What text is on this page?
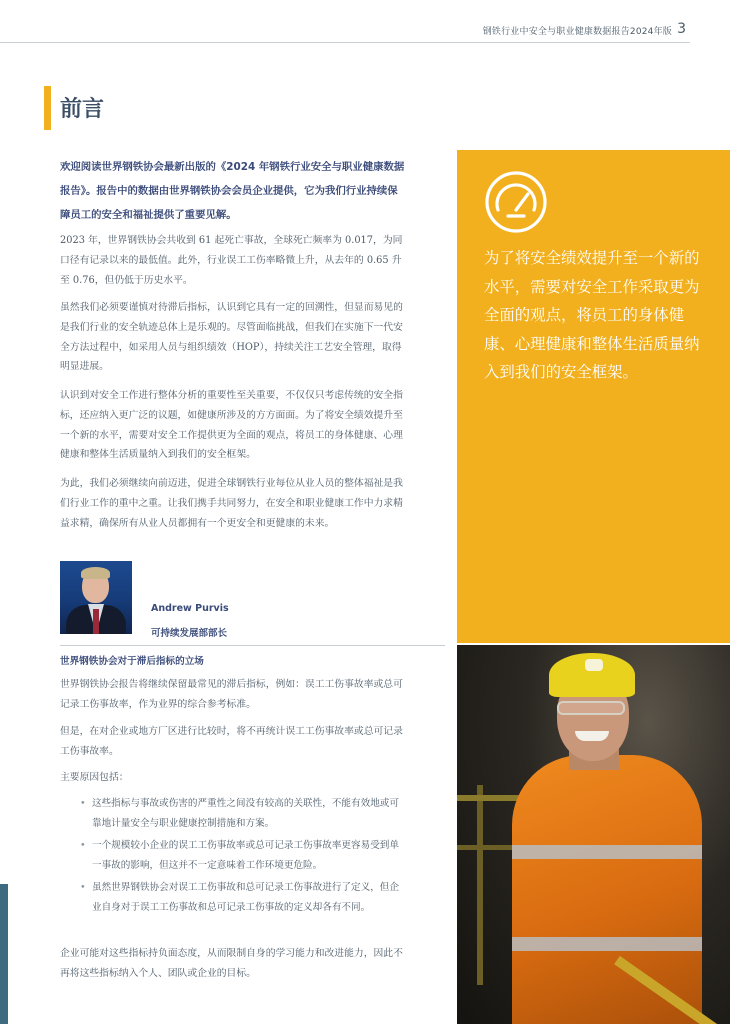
钢铁行业中安全与职业健康数据报告2024年版 3
前言

欢迎阅读世界钢铁协会最新出版的《2024 年钢铁行业安全与职业健康数据报告》。报告中的数据由世界钢铁协会会员企业提供，它为我们行业持续保障员工的安全和福祉提供了重要见解。

2023 年，世界钢铁协会共收到 61 起死亡事故，全球死亡频率为 0.017，为同口径有记录以来的最低值。此外，行业误工工伤率略微上升，从去年的 0.65 升至 0.76，但仍低于历史水平。

虽然我们必须要谨慎对待滞后指标，认识到它具有一定的回溯性，但显而易见的是我们行业的安全轨迹总体上是乐观的。尽管面临挑战，但我们在实施下一代安全方法过程中，如采用人员与组织绩效（HOP），持续关注工艺安全管理，取得明显进展。

认识到对安全工作进行整体分析的重要性至关重要，不仅仅只考虑传统的安全指标，还应纳入更广泛的议题，如健康所涉及的方方面面。为了将安全绩效提升至一个新的水平，需要对安全工作提供更为全面的观点，将员工的身体健康、心理健康和整体生活质量纳入到我们的安全框架。

为此，我们必须继续向前迈进，促进全球钢铁行业每位从业人员的整体福祉是我们行业工作的重中之重。让我们携手共同努力，在安全和职业健康工作中力求精益求精，确保所有从业人员都拥有一个更安全和更健康的未来。

Andrew Purvis
可持续发展部部长
世界钢铁协会对于滞后指标的立场

世界钢铁协会报告将继续保留最常见的滞后指标，例如：误工工伤事故率或总可记录工伤事故率，作为业界的综合参考标准。

但是，在对企业或地方厂区进行比较时，将不再统计误工工伤事故率或总可记录工伤事故率。

主要原因包括：

• 这些指标与事故或伤害的严重性之间没有较高的关联性，不能有效地或可靠地计量安全与职业健康控制措施和方案。
• 一个规模较小企业的误工工伤事故率或总可记录工伤事故率更容易受到单一事故的影响，但这并不一定意味着工作环境更危险。
• 虽然世界钢铁协会对误工工伤事故和总可记录工伤事故进行了定义，但企业自身对于误工工伤事故和总可记录工伤事故的定义却各有不同。

企业可能对这些指标持负面态度，从而限制自身的学习能力和改进能力，因此不再将这些指标纳入个人、团队或企业的目标。

为了将安全绩效提升至一个新的水平，需要对安全工作采取更为全面的观点，将员工的身体健康、心理健康和整体生活质量纳入到我们的安全框架。
